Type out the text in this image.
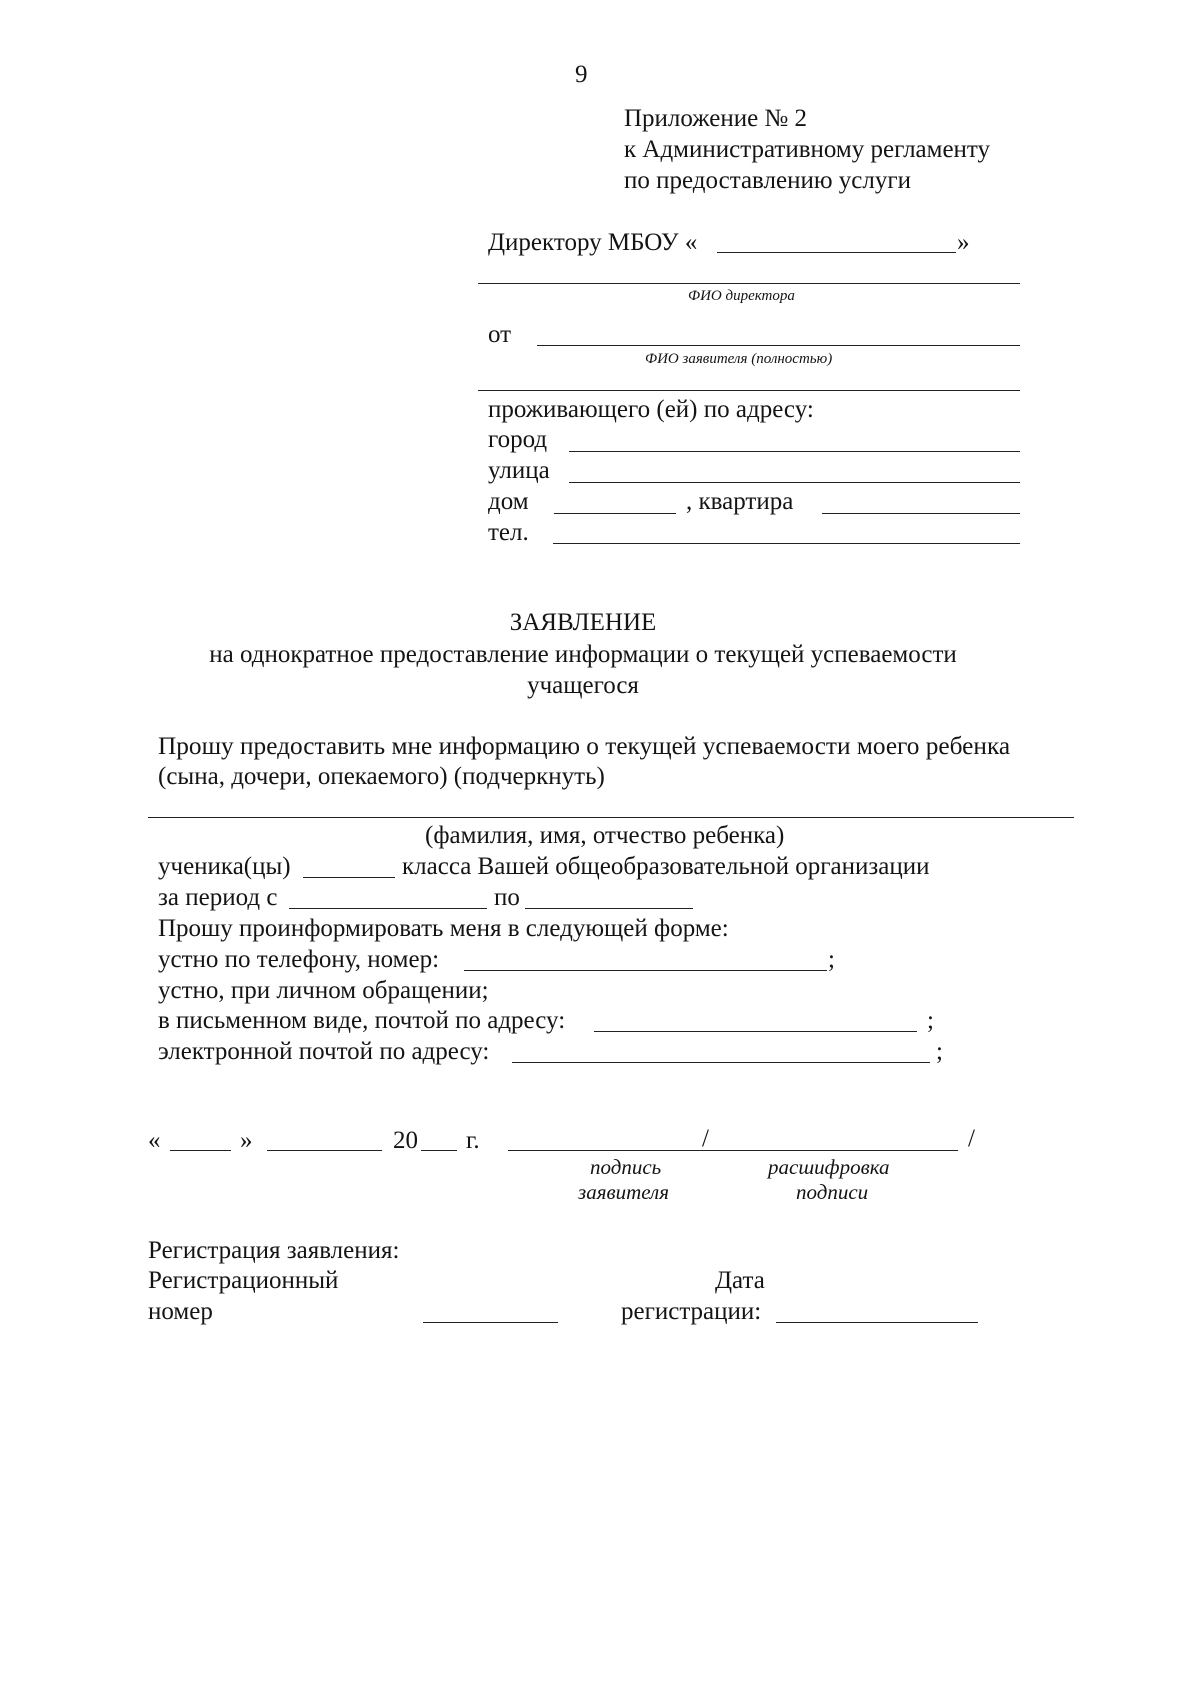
9
Приложение № 2
к Административному регламенту
по предоставлению услуги
Директору МБОУ «	»
ФИО директора
от
ФИО заявителя (полностью)
проживающего (ей) по адресу:
город
улица
дом	, квартира
тел.
ЗАЯВЛЕНИЕ
на однократное предоставление информации о текущей успеваемости
учащегося
Прошу предоставить мне информацию о текущей успеваемости моего ребенка
(сына, дочери, опекаемого) (подчеркнуть)
(фамилия, имя, отчество ребенка)
ученика(цы)	класса Вашей общеобразовательной организации
за период с	по
Прошу проинформировать меня в следующей форме:
устно по телефону, номер:	;
устно, при личном обращении;
в письменном виде, почтой по адресу:	;
электронной почтой по адресу:	;
«	»	20 г.	/	/
подпись
заявителя
расшифровка
подписи
Регистрация заявления:
Регистрационный
номер
Дата
регистрации:
